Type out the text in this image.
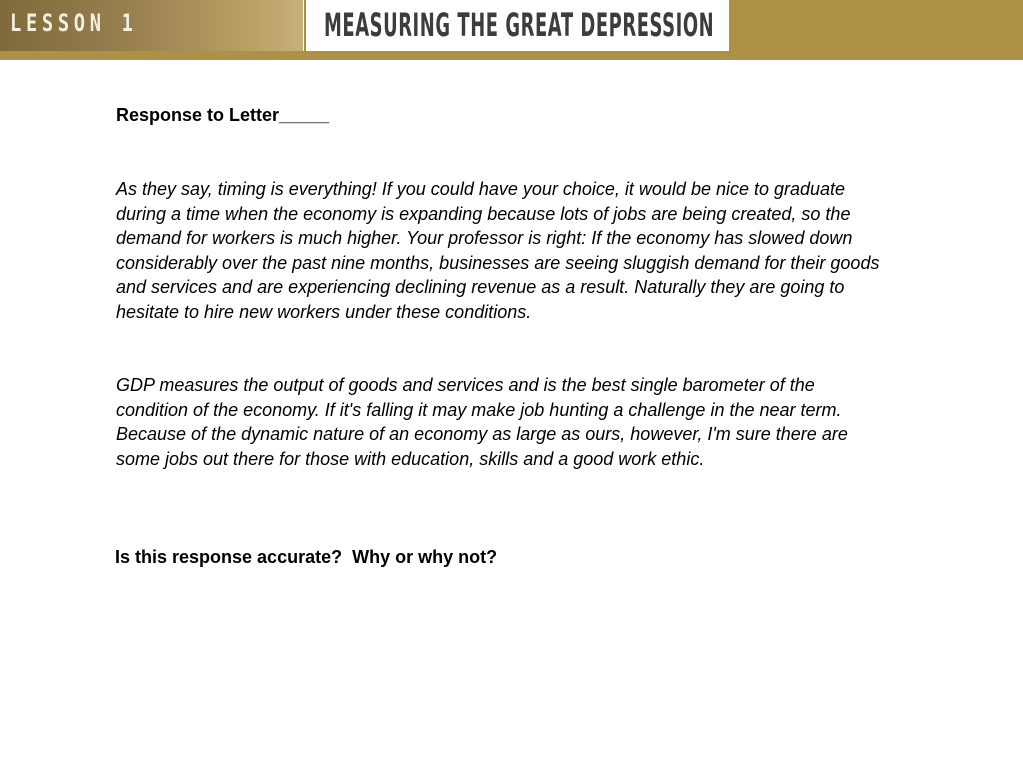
LESSON 1	MEASURING THE GREAT DEPRESSION
Response to Letter_____

As they say, timing is everything! If you could have your choice, it would be nice to graduate during a time when the economy is expanding because lots of jobs are being created, so the demand for workers is much higher. Your professor is right: If the economy has slowed down considerably over the past nine months, businesses are seeing sluggish demand for their goods and services and are experiencing declining revenue as a result. Naturally they are going to hesitate to hire new workers under these conditions.

GDP measures the output of goods and services and is the best single barometer of the condition of the economy. If it's falling it may make job hunting a challenge in the near term. Because of the dynamic nature of an economy as large as ours, however, I'm sure there are some jobs out there for those with education, skills and a good work ethic.

Is this response accurate?  Why or why not?
